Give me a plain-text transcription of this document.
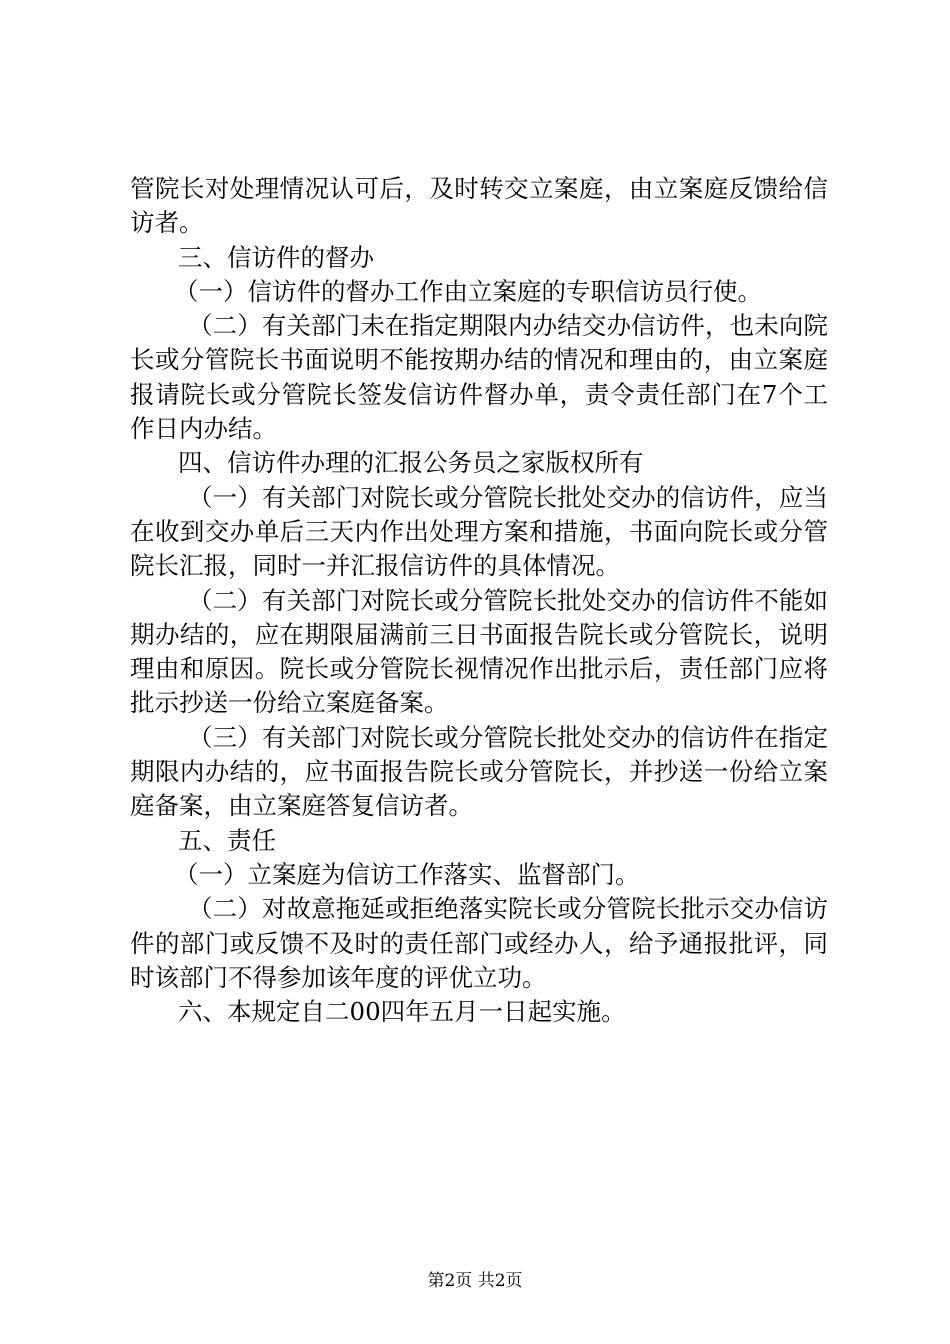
管院长对处理情况认可后，及时转交立案庭，由立案庭反馈给信访者。

三、信访件的督办

（一）信访件的督办工作由立案庭的专职信访员行使。

（二）有关部门未在指定期限内办结交办信访件，也未向院长或分管院长书面说明不能按期办结的情况和理由的，由立案庭报请院长或分管院长签发信访件督办单，责令责任部门在7个工作日内办结。

四、信访件办理的汇报公务员之家版权所有

（一）有关部门对院长或分管院长批处交办的信访件，应当在收到交办单后三天内作出处理方案和措施，书面向院长或分管院长汇报，同时一并汇报信访件的具体情况。

（二）有关部门对院长或分管院长批处交办的信访件不能如期办结的，应在期限届满前三日书面报告院长或分管院长，说明理由和原因。院长或分管院长视情况作出批示后，责任部门应将批示抄送一份给立案庭备案。

（三）有关部门对院长或分管院长批处交办的信访件在指定期限内办结的，应书面报告院长或分管院长，并抄送一份给立案庭备案，由立案庭答复信访者。

五、责任

（一）立案庭为信访工作落实、监督部门。

（二）对故意拖延或拒绝落实院长或分管院长批示交办信访件的部门或反馈不及时的责任部门或经办人，给予通报批评，同时该部门不得参加该年度的评优立功。

六、本规定自二00四年五月一日起实施。

第2页 共2页
